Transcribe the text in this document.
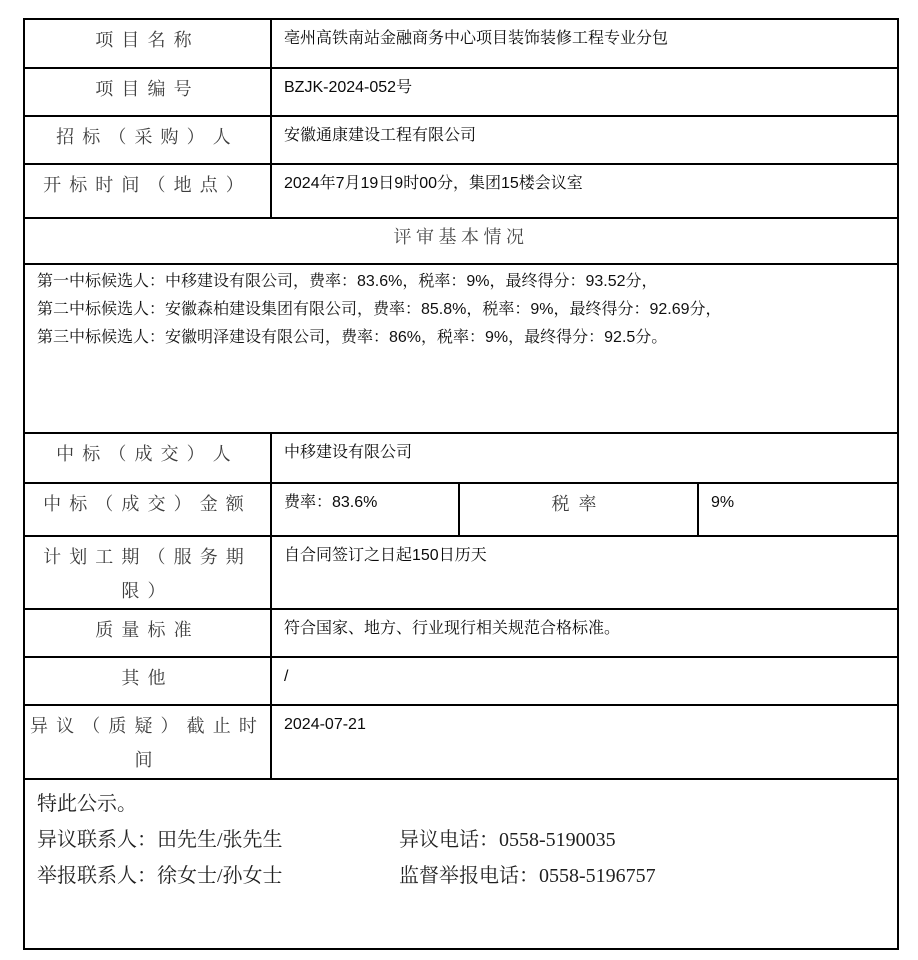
项目名称	亳州高铁南站金融商务中心项目装饰装修工程专业分包		
项目编号	BZJK-2024-052号		
招标（采购）人	安徽通康建设工程有限公司		
开标时间（地点）	2024年7月19日9时00分，集团15楼会议室		
评审基本情况			

第一中标候选人：中移建设有限公司，费率：83.6%，税率：9%，最终得分：93.52分，
第二中标候选人：安徽森柏建设集团有限公司，费率：85.8%，税率：9%，最终得分：92.69分，
第三中标候选人：安徽明泽建设有限公司，费率：86%，税率：9%，最终得分：92.5分。			

中标（成交）人	中移建设有限公司		
中标（成交）金额	费率：83.6%	税率	9%
计划工期（服务期限）	自合同签订之日起150日历天		
质量标准	符合国家、地方、行业现行相关规范合格标准。		
其他	/		
异议（质疑）截止时间	2024-07-21		

特此公示。
异议联系人：田先生/张先生 异议电话：0558-5190035
举报联系人：徐女士/孙女士 监督举报电话：0558-5196757			
